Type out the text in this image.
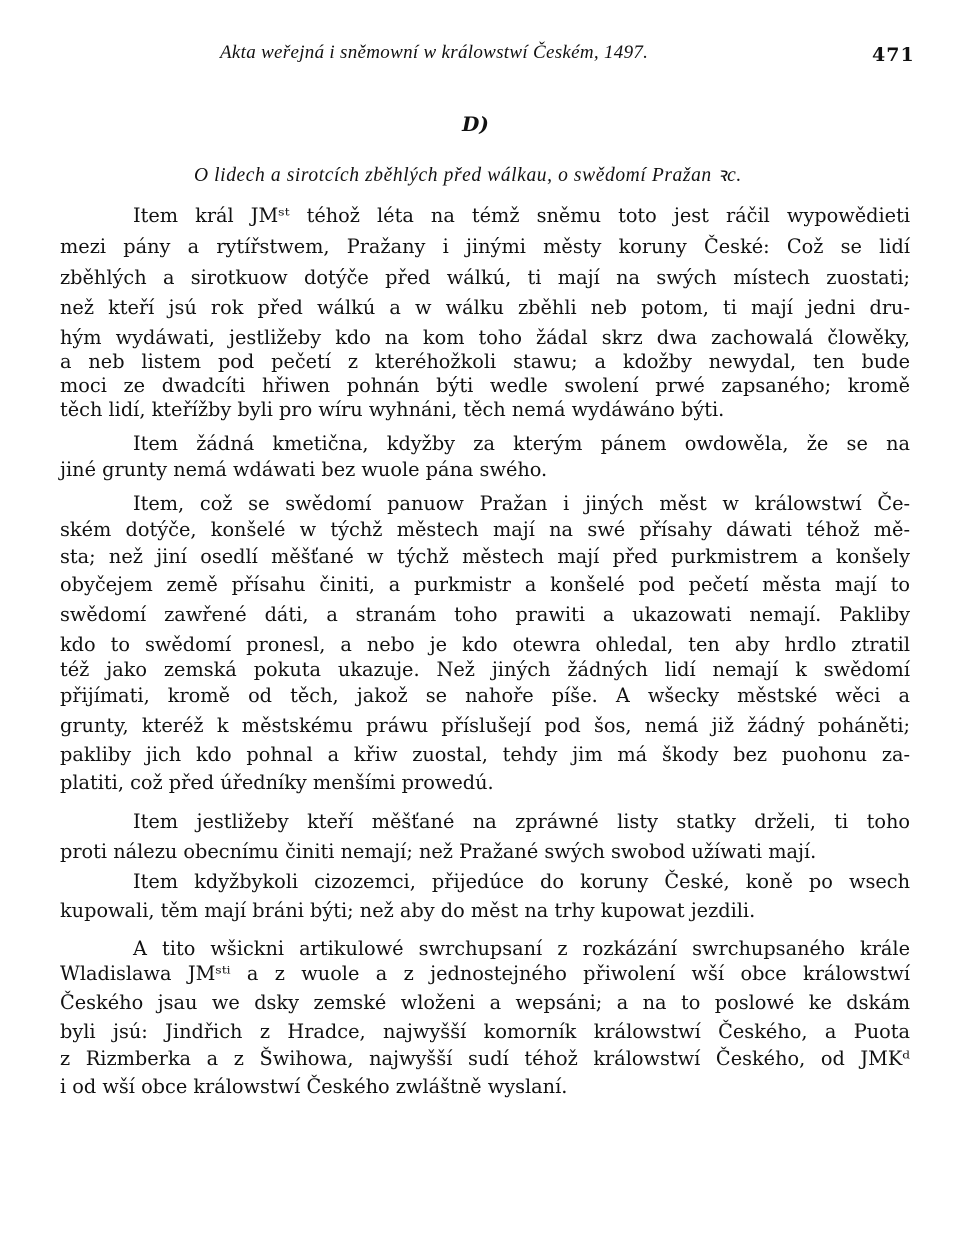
Akta weřejná i sněmowní w králowstwí Českém, 1497.	471
D)
O lidech a sirotcích zběhlých před wálkau, o swědomí Pražan ꝛc.
Item král JMˢᵗ téhož léta na témž sněmu toto jest ráčil wypowědieti
mezi pány a rytířstwem, Pražany i jinými městy koruny České: Což se lidí
zběhlých a sirotkuow dotýče před wálkú, ti mají na swých místech zuostati;
než kteří jsú rok před wálkú a w wálku zběhli neb potom, ti mají jedni dru-
hým wydáwati, jestližeby kdo na kom toho žádal skrz dwa zachowalá člowěky,
a neb listem pod pečetí z kteréhožkoli stawu; a kdožby newydal, ten bude
moci ze dwadcíti hřiwen pohnán býti wedle swolení prwé zapsaného; kromě
těch lidí, kteřížby byli pro wíru wyhnáni, těch nemá wydáwáno býti.
Item žádná kmetična, kdyžby za kterým pánem owdowěla, že se na
jiné grunty nemá wdáwati bez wuole pána swého.
Item, což se swědomí panuow Pražan i jiných měst w králowstwí Če-
ském dotýče, konšelé w týchž městech mají na swé přísahy dáwati téhož mě-
sta; než jiní osedlí měšťané w týchž městech mají před purkmistrem a konšely
obyčejem země přísahu činiti, a purkmistr a konšelé pod pečetí města mají to
swědomí zawřené dáti, a stranám toho prawiti a ukazowati nemají. Pakliby
kdo to swědomí pronesl, a nebo je kdo otewra ohledal, ten aby hrdlo ztratil
též jako zemská pokuta ukazuje. Než jiných žádných lidí nemají k swědomí
přijímati, kromě od těch, jakož se nahoře píše. A wšecky městské wěci a
grunty, kteréž k městskému práwu příslušejí pod šos, nemá již žádný poháněti;
pakliby jich kdo pohnal a křiw zuostal, tehdy jim má škody bez puohonu za-
platiti, což před úředníky menšími prowedú.
Item jestližeby kteří měšťané na zpráwné listy statky drželi, ti toho
proti nálezu obecnímu činiti nemají; než Pražané swých swobod užíwati mají.
Item kdyžbykoli cizozemci, přijedúce do koruny České, koně po wsech
kupowali, těm mají bráni býti; než aby do měst na trhy kupowat jezdili.
A tito wšicknі artikulowé swrchupsaní z rozkázání swrchupsaného krále
Wladislawa JMˢᵗⁱ a z wuole a z jednostejného přiwolení wší obce králowstwí
Českého jsau we dsky zemské wloženi a wepsáni; a na to poslowé ke dskám
byli jsú: Jindřich z Hradce, najwyšší komorník králowstwí Českého, a Puota
z Rizmberka a z Šwihowa, najwyšší sudí téhož králowstwí Českého, od JMKᵈ
i od wší obce králowstwí Českého zwláštně wyslaní.
